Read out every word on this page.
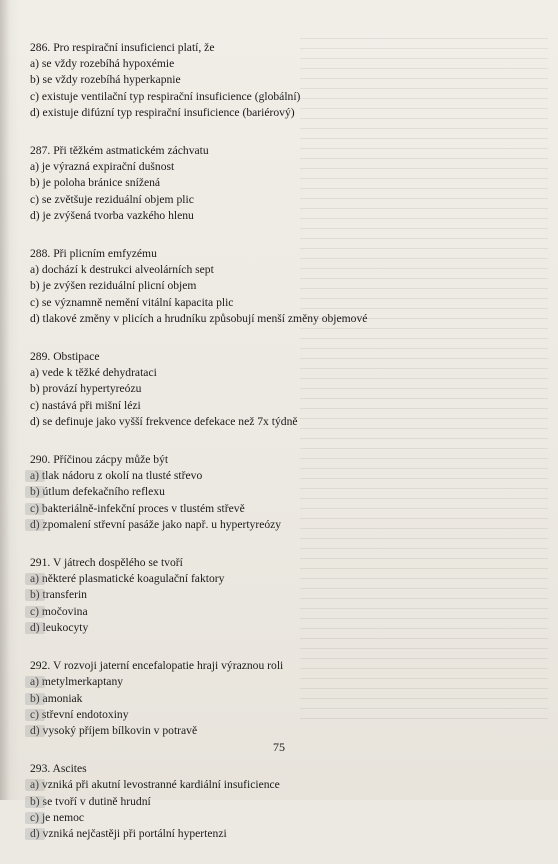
286. Pro respirační insuficienci platí, že
a) se vždy rozebíhá hypoxémie
b) se vždy rozebíhá hyperkapnie
c) existuje ventilační typ respirační insuficience (globální)
d) existuje difúzní typ respirační insuficience (bariérový)
287. Při těžkém astmatickém záchvatu
a) je výrazná expirační dušnost
b) je poloha bránice snížená
c) se zvětšuje reziduální objem plic
d) je zvýšená tvorba vazkého hlenu
288. Při plicním emfyzému
a) dochází k destrukci alveolárních sept
b) je zvýšen reziduální plicní objem
c) se významně nemění vitální kapacita plic
d) tlakové změny v plicích a hrudníku způsobují menší změny objemové
289. Obstipace
a) vede k těžké dehydrataci
b) provází hypertyreózu
c) nastává při mišní lézi
d) se definuje jako vyšší frekvence defekace než 7x týdně
290. Příčinou zácpy může být
a) tlak nádoru z okolí na tlusté střevo
b) útlum defekačního reflexu
c) bakteriálně-infekční proces v tlustém střevě
d) zpomalení střevní pasáže jako např. u hypertyreózy
291. V játrech dospělého se tvoří
a) některé plasmatické koagulační faktory
b) transferin
c) močovina
d) leukocyty
292. V rozvoji jaterní encefalopatie hraji výraznou roli
a) metylmerkaptany
b) amoniak
c) střevní endotoxiny
d) vysoký příjem bílkovin v potravě
293. Ascites
a) vzniká při akutní levostranné kardiální insuficience
b) se tvoří v dutině hrudní
c) je nemoc
d) vzniká nejčastěji při portální hypertenzi
75
